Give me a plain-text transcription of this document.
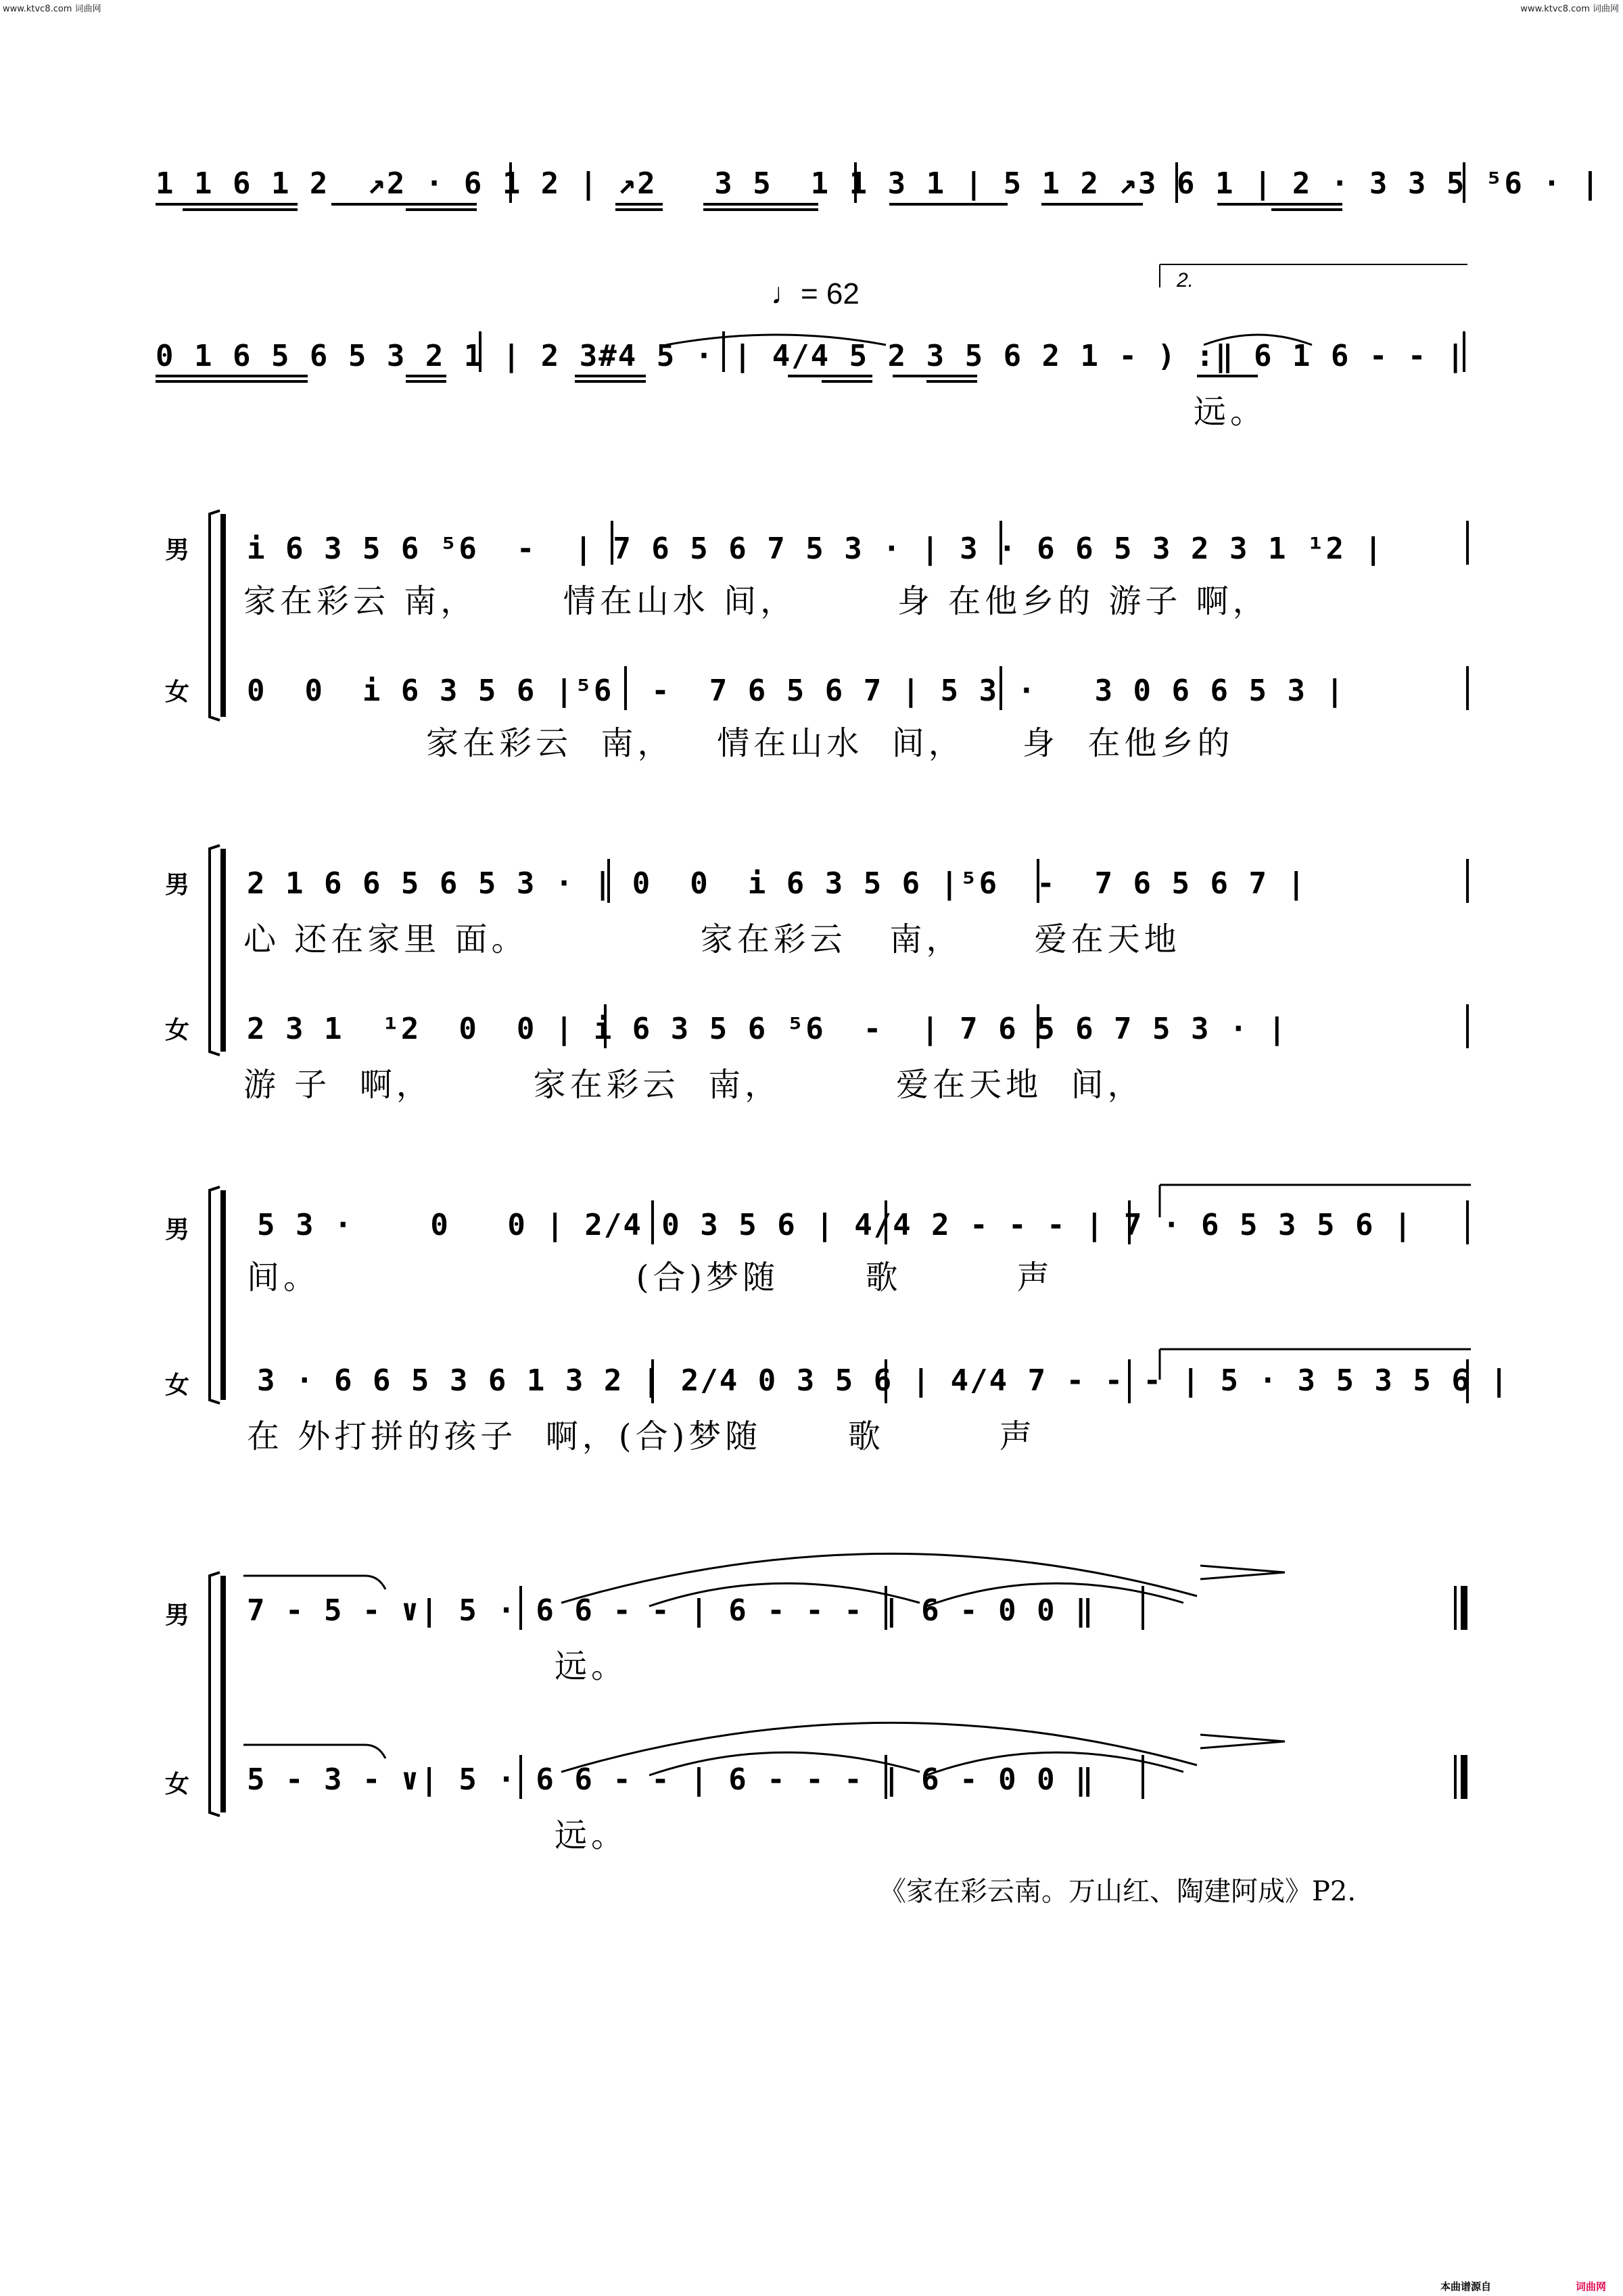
www.ktvc8.com 词曲网	www.ktvc8.com 词曲网
1 1 6 1 2  ↗2 · 6 1 2 | ↗2   3 5  1 1 3 1 | 5 1 2 ↗3 6 1 | 2 · 3 3 5 ⁵6 · |
♩= 62	2.
0 1 6 5 6 5 3 2 1 | 2 3#4 5 · | 4/4 5 2 3 5 6 2 1 - ) :‖ 6 1 6 - - |
远。
男
女
男
女
男
女
男
女
i 6 3 5 6 ⁵6  -  | 7 6 5 6 7 5 3 · | 3 · 6 6 5 3 2 3 1 ¹2 |
家在彩云 南，      情在山水 间，       身 在他乡的 游子 啊，
0  0  i 6 3 5 6 |⁵6  -  7 6 5 6 7 | 5 3 ·   3 0 6 6 5 3 |
家在彩云  南，   情在山水  间，    身  在他乡的
2 1 6 6 5 6 5 3 · | 0  0  i 6 3 5 6 |⁵6  -  7 6 5 6 7 |
心 还在家里 面。            家在彩云   南，     爱在天地
2 3 1  ¹2  0  0 | i 6 3 5 6 ⁵6  -  | 7 6 5 6 7 5 3 · |
游 子  啊，       家在彩云  南，        爱在天地  间，
5 3 ·    0   0 | 2/4 0 3 5 6 | 4/4 2 - - - | 7 · 6 5 3 5 6 |
间。                      (合)梦随      歌        声
3 · 6 6 5 3 6 1 3 2 | 2/4 0 3 5 6 | 4/4 7 - - - | 5 · 3 5 3 5 6 |
在 外打拼的孩子  啊，(合)梦随      歌        声
7 - 5 - ∨| 5 · 6 6 - - | 6 - - - | 6 - 0 0 ‖
远。
5 - 3 - ∨| 5 · 6 6 - - | 6 - - - | 6 - 0 0 ‖
远。
《家在彩云南。万山红、陶建阿成》P2.
本曲谱源自	词曲网
